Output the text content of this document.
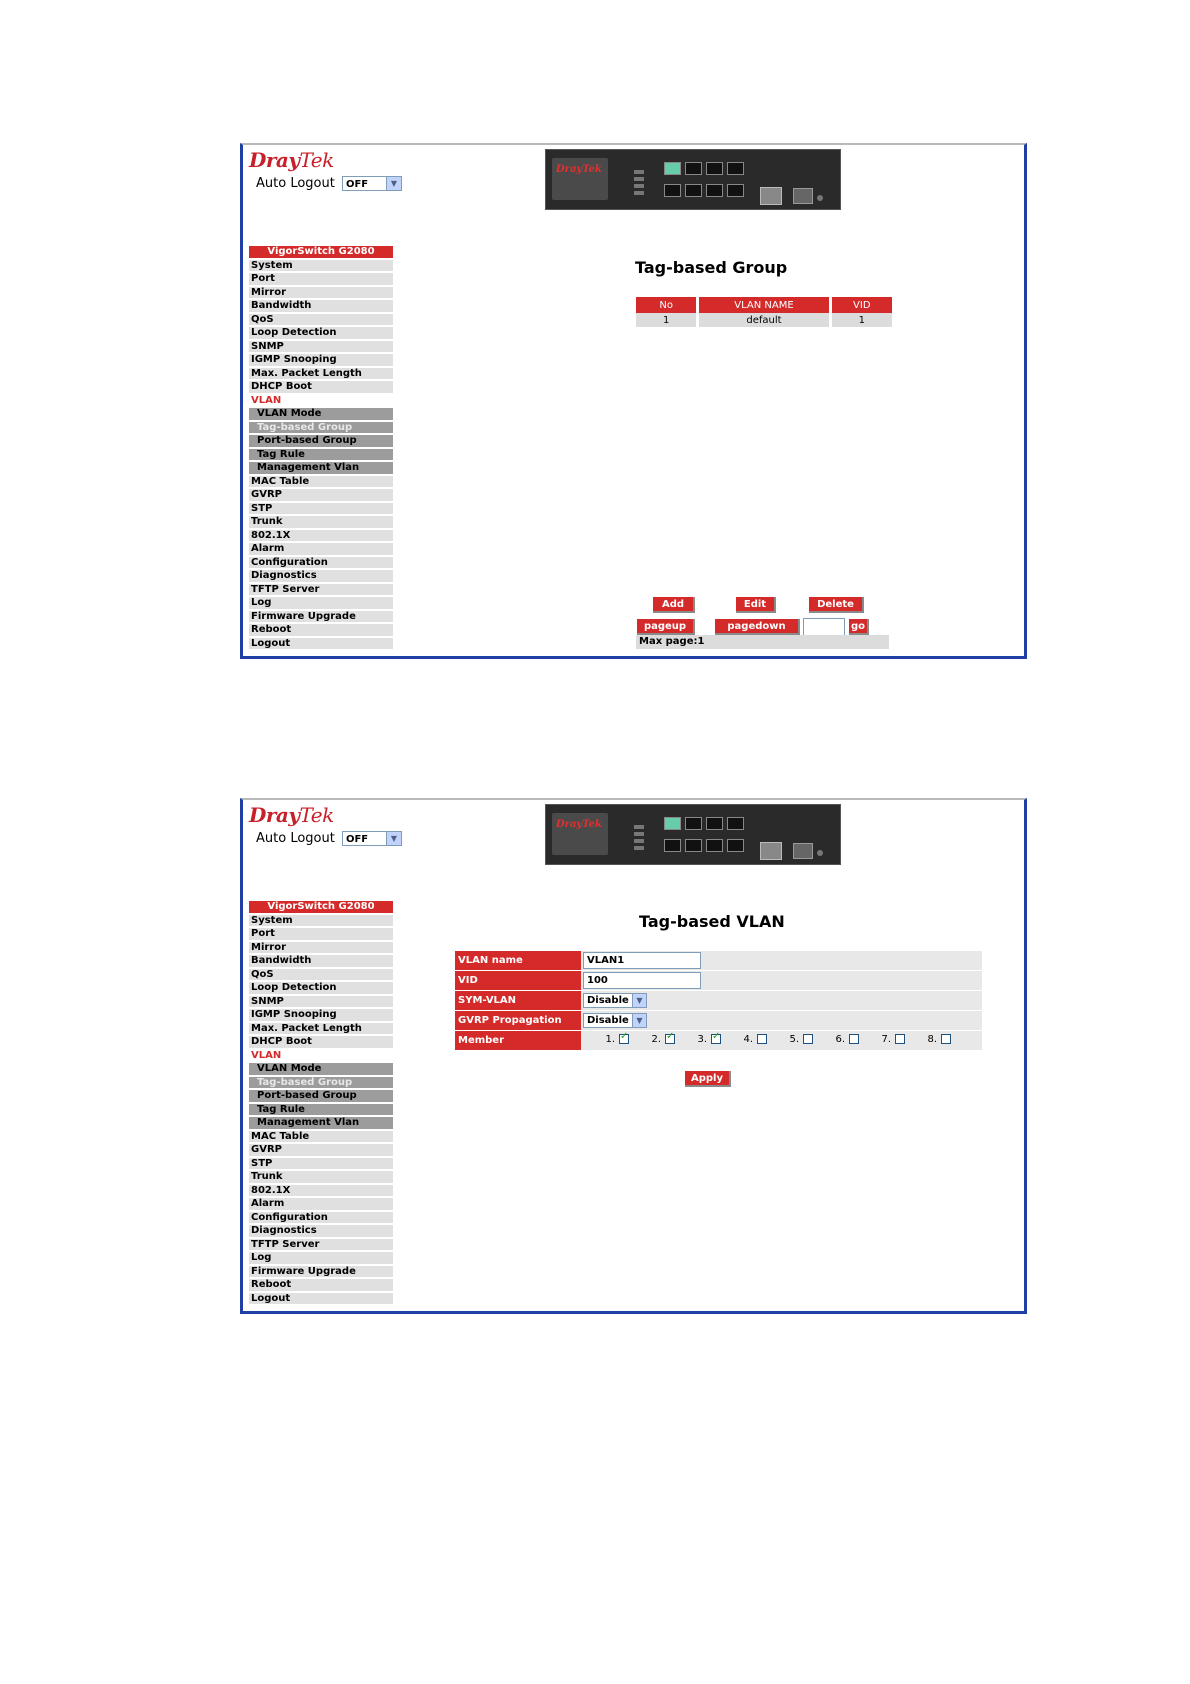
DrayTek
Auto Logout OFF	▼
DrayTek
VigorSwitch G2080
System
Port
Mirror
Bandwidth
QoS
Loop Detection
SNMP
IGMP Snooping
Max. Packet Length
DHCP Boot
VLAN
VLAN Mode
Tag-based Group
Port-based Group
Tag Rule
Management Vlan
MAC Table
GVRP
STP
Trunk
802.1X
Alarm
Configuration
Diagnostics
TFTP Server
Log
Firmware Upgrade
Reboot
Logout
Tag-based Group
No	VLAN NAME	VID
1	default	1
Add	Edit	Delete
pageup	pagedown	go
Max page:1
DrayTek
Auto Logout OFF	▼
DrayTek
VigorSwitch G2080
System
Port
Mirror
Bandwidth
QoS
Loop Detection
SNMP
IGMP Snooping
Max. Packet Length
DHCP Boot
VLAN
VLAN Mode
Tag-based Group
Port-based Group
Tag Rule
Management Vlan
MAC Table
GVRP
STP
Trunk
802.1X
Alarm
Configuration
Diagnostics
TFTP Server
Log
Firmware Upgrade
Reboot
Logout
Tag-based VLAN
VLAN name	VLAN1
VID	100
SYM-VLAN	Disable ▼
GVRP Propagation	Disable ▼
Member	1. ✓	2. ✓	3. ✓	4.	5.	6.	7.	8.
Apply
